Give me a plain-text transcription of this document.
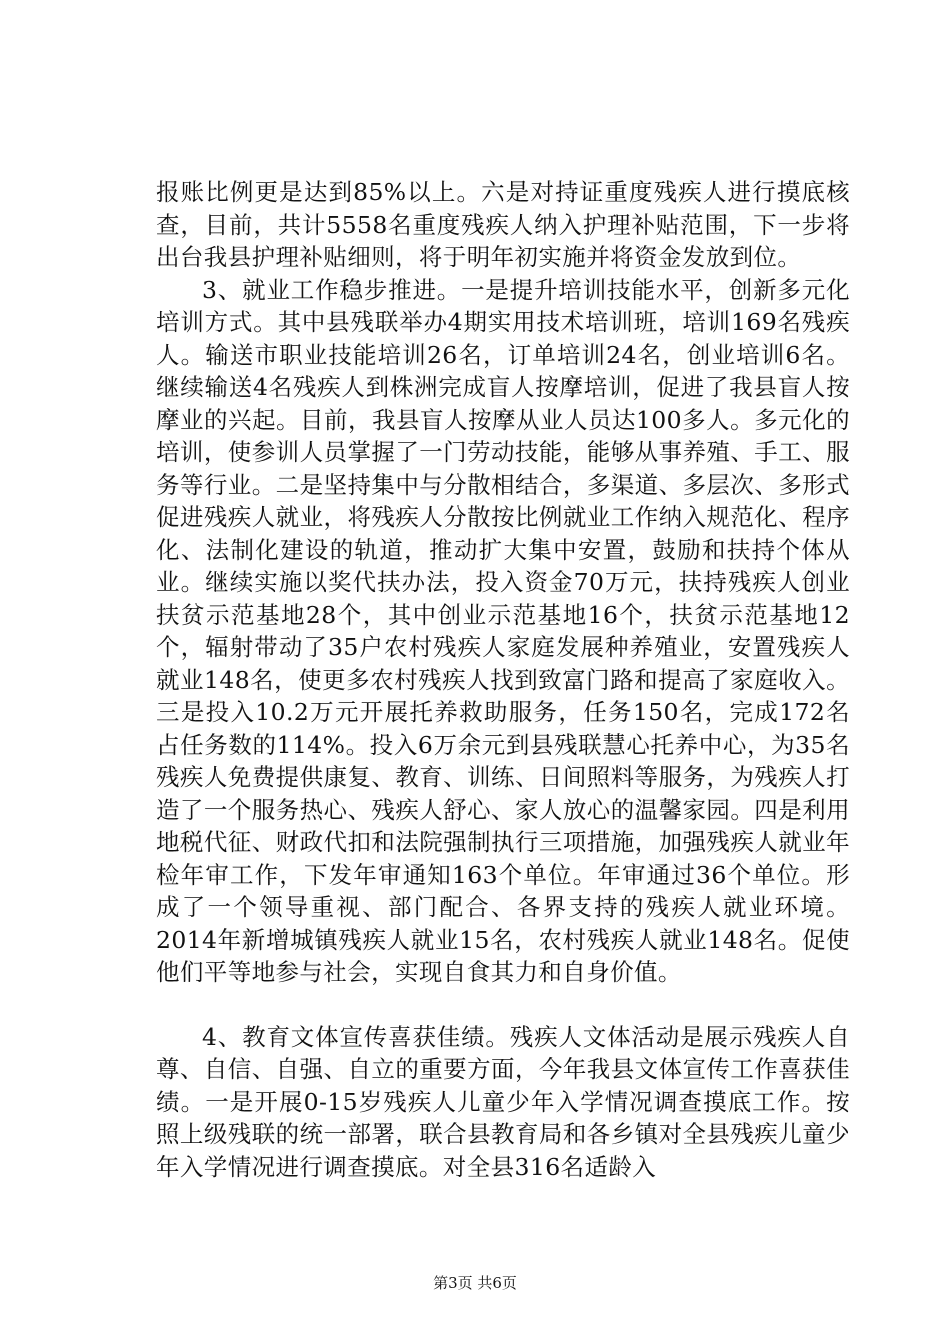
报账比例更是达到85%以上。六是对持证重度残疾人进行摸底核查，目前，共计5558名重度残疾人纳入护理补贴范围，下一步将出台我县护理补贴细则，将于明年初实施并将资金发放到位。

3、就业工作稳步推进。一是提升培训技能水平，创新多元化培训方式。其中县残联举办4期实用技术培训班，培训169名残疾人。输送市职业技能培训26名，订单培训24名，创业培训6名。继续输送4名残疾人到株洲完成盲人按摩培训，促进了我县盲人按摩业的兴起。目前，我县盲人按摩从业人员达100多人。多元化的培训，使参训人员掌握了一门劳动技能，能够从事养殖、手工、服务等行业。二是坚持集中与分散相结合，多渠道、多层次、多形式促进残疾人就业，将残疾人分散按比例就业工作纳入规范化、程序化、法制化建设的轨道，推动扩大集中安置，鼓励和扶持个体从业。继续实施以奖代扶办法，投入资金70万元，扶持残疾人创业扶贫示范基地28个，其中创业示范基地16个，扶贫示范基地12个，辐射带动了35户农村残疾人家庭发展种养殖业，安置残疾人就业148名，使更多农村残疾人找到致富门路和提高了家庭收入。三是投入10.2万元开展托养救助服务，任务150名，完成172名占任务数的114%。投入6万余元到县残联慧心托养中心，为35名残疾人免费提供康复、教育、训练、日间照料等服务，为残疾人打造了一个服务热心、残疾人舒心、家人放心的温馨家园。四是利用地税代征、财政代扣和法院强制执行三项措施，加强残疾人就业年检年审工作，下发年审通知163个单位。年审通过36个单位。形成了一个领导重视、部门配合、各界支持的残疾人就业环境。2014年新增城镇残疾人就业15名，农村残疾人就业148名。促使他们平等地参与社会，实现自食其力和自身价值。

4、教育文体宣传喜获佳绩。残疾人文体活动是展示残疾人自尊、自信、自强、自立的重要方面，今年我县文体宣传工作喜获佳绩。一是开展0-15岁残疾人儿童少年入学情况调查摸底工作。按照上级残联的统一部署，联合县教育局和各乡镇对全县残疾儿童少年入学情况进行调查摸底。对全县316名适龄入

第3页 共6页
